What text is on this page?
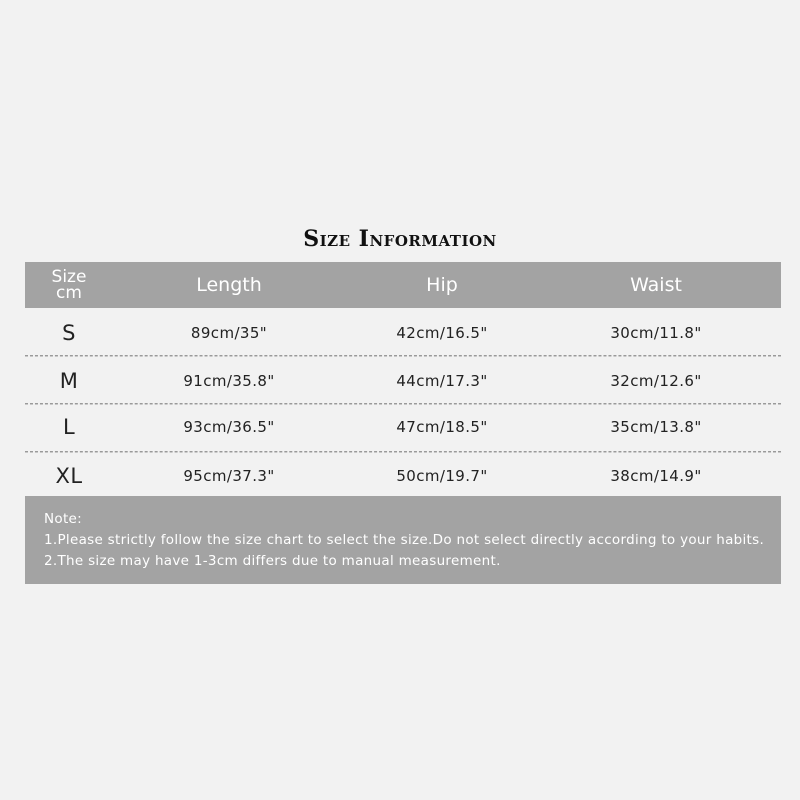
Size Information
Size
cm	Length	Hip	Waist
S	89cm/35"	42cm/16.5"	30cm/11.8"
M	91cm/35.8"	44cm/17.3"	32cm/12.6"
L	93cm/36.5"	47cm/18.5"	35cm/13.8"
XL	95cm/37.3"	50cm/19.7"	38cm/14.9"
Note:
1.Please strictly follow the size chart to select the size.Do not select directly according to your habits.
2.The size may have 1-3cm differs due to manual measurement.
